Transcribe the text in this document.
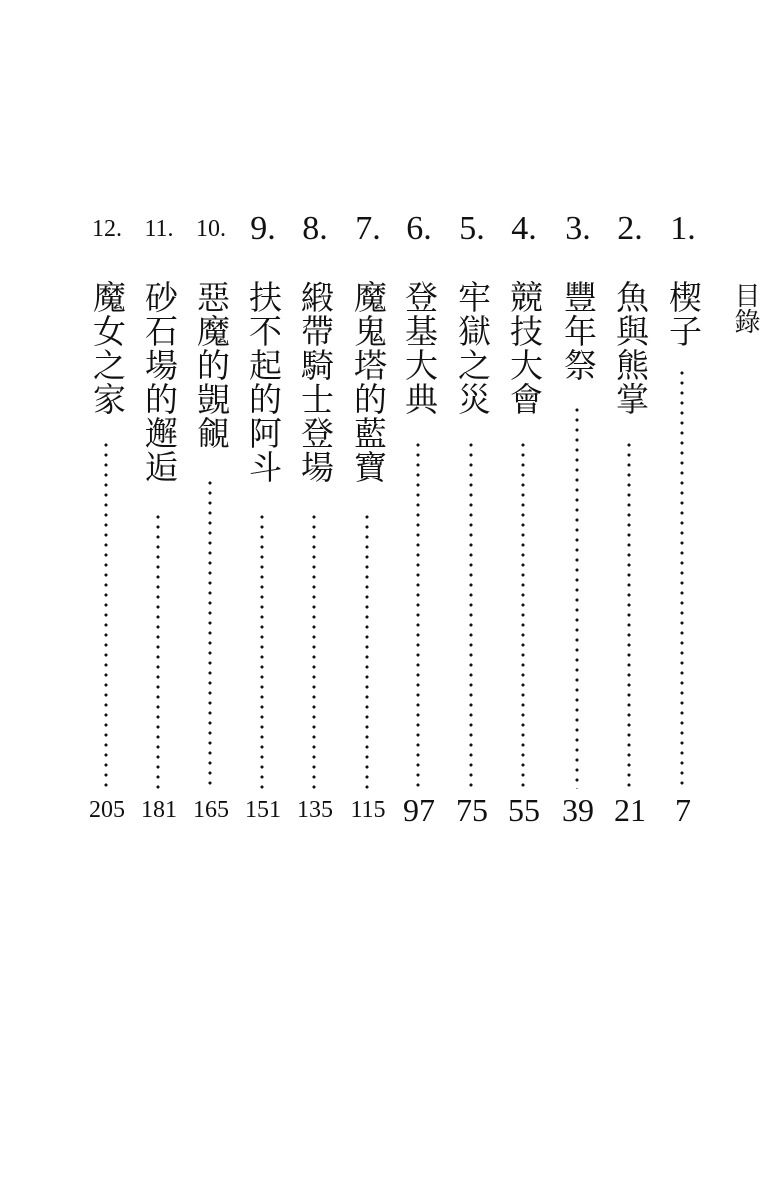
目錄
1.
楔子
7
2.
魚與熊掌
21
3.
豐年祭
39
4.
競技大會
55
5.
牢獄之災
75
6.
登基大典
97
7.
魔鬼塔的藍寶
115
8.
緞帶騎士登場
135
9.
扶不起的阿斗
151
10.
惡魔的覬覦
165
11.
砂石場的邂逅
181
12.
魔女之家
205
